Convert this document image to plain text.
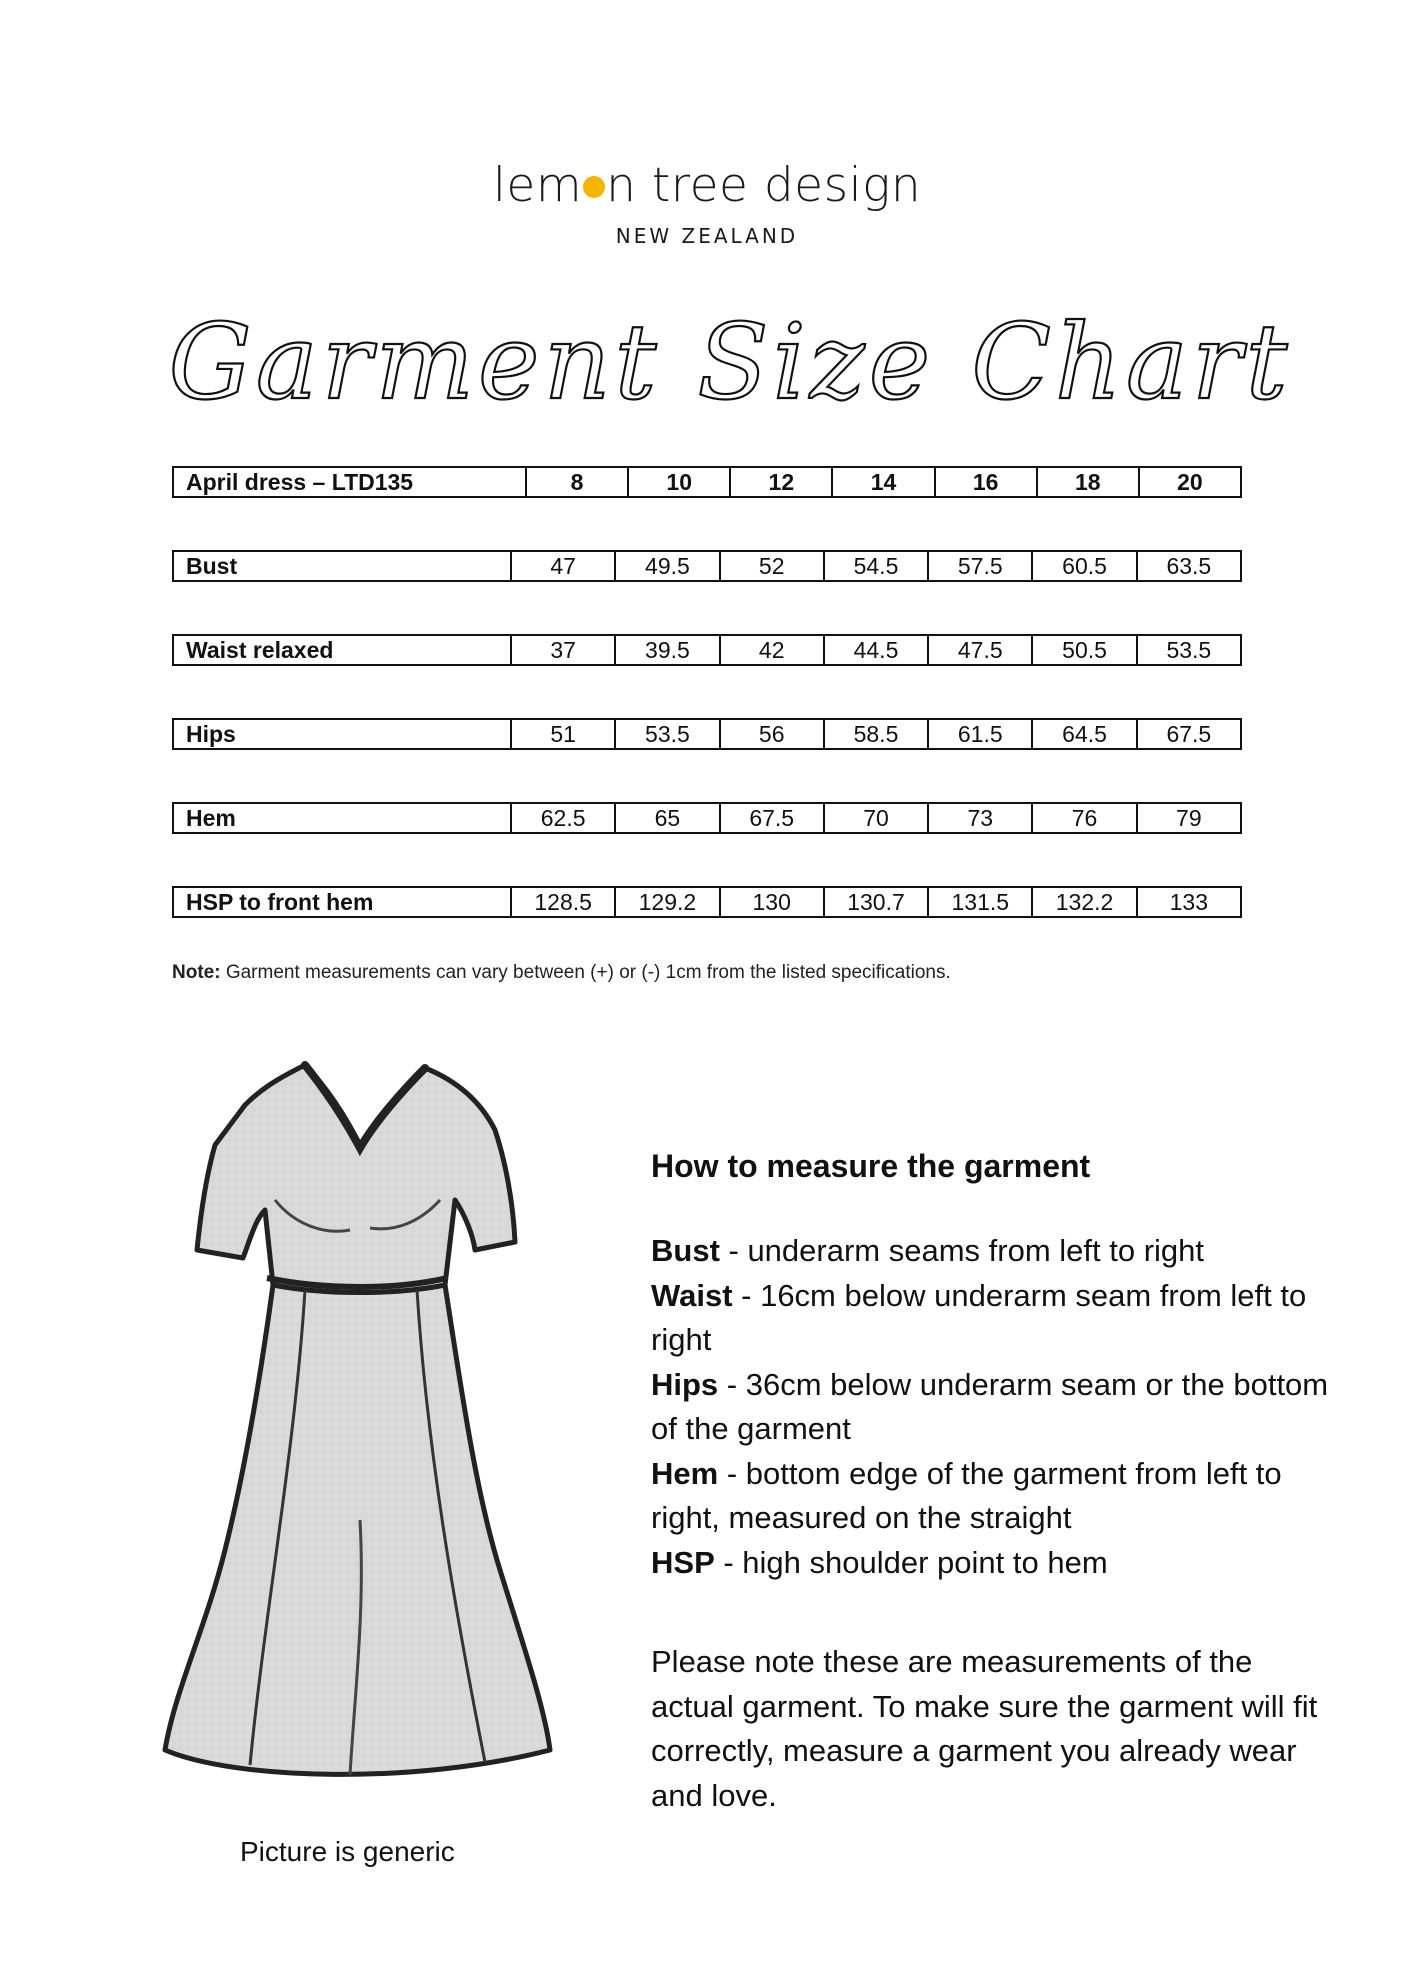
lem n tree design
NEW ZEALAND
Garment Size Chart
April dress – LTD135	8	10	12	14	16	18	20
Bust	47	49.5	52	54.5	57.5	60.5	63.5
Waist relaxed	37	39.5	42	44.5	47.5	50.5	53.5
Hips	51	53.5	56	58.5	61.5	64.5	67.5
Hem	62.5	65	67.5	70	73	76	79
HSP to front hem	128.5	129.2	130	130.7	131.5	132.2	133
Note: Garment measurements can vary between (+) or (-) 1cm from the listed specifications.
Picture is generic
How to measure the garment
Bust - underarm seams from left to right
Waist - 16cm below underarm seam from left to right
Hips - 36cm below underarm seam or the bottom of the garment
Hem - bottom edge of the garment from left to right, measured on the straight
HSP - high shoulder point to hem
Please note these are measurements of the actual garment. To make sure the garment will fit correctly, measure a garment you already wear and love.
